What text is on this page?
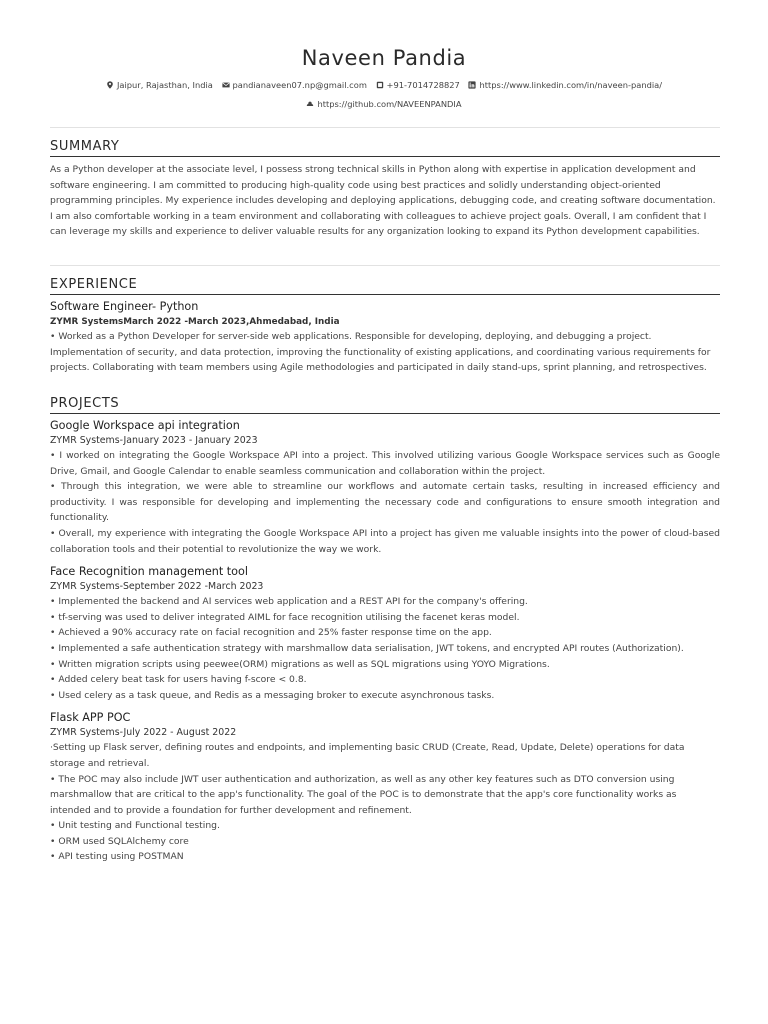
Naveen Pandia
Jaipur, Rajasthan, India pandianaveen07.np@gmail.com +91-7014728827 https://www.linkedin.com/in/naveen-pandia/
https://github.com/NAVEENPANDIA
SUMMARY

As a Python developer at the associate level, I possess strong technical skills in Python along with expertise in application development and software engineering. I am committed to producing high-quality code using best practices and solidly understanding object-oriented programming principles. My experience includes developing and deploying applications, debugging code, and creating software documentation. I am also comfortable working in a team environment and collaborating with colleagues to achieve project goals. Overall, I am confident that I can leverage my skills and experience to deliver valuable results for any organization looking to expand its Python development capabilities.

EXPERIENCE

Software Engineer- Python

ZYMR SystemsMarch 2022 -March 2023,Ahmedabad, India

• Worked as a Python Developer for server-side web applications. Responsible for developing, deploying, and debugging a project. Implementation of security, and data protection, improving the functionality of existing applications, and coordinating various requirements for projects. Collaborating with team members using Agile methodologies and participated in daily stand-ups, sprint planning, and retrospectives.

PROJECTS

Google Workspace api integration

ZYMR Systems-January 2023 - January 2023

• I worked on integrating the Google Workspace API into a project. This involved utilizing various Google Workspace services such as Google Drive, Gmail, and Google Calendar to enable seamless communication and collaboration within the project.
• Through this integration, we were able to streamline our workflows and automate certain tasks, resulting in increased efficiency and productivity. I was responsible for developing and implementing the necessary code and configurations to ensure smooth integration and functionality.
• Overall, my experience with integrating the Google Workspace API into a project has given me valuable insights into the power of cloud-based collaboration tools and their potential to revolutionize the way we work.

Face Recognition management tool

ZYMR Systems-September 2022 -March 2023

• Implemented the backend and AI services web application and a REST API for the company's offering.
• tf-serving was used to deliver integrated AIML for face recognition utilising the facenet keras model.
• Achieved a 90% accuracy rate on facial recognition and 25% faster response time on the app.
• Implemented a safe authentication strategy with marshmallow data serialisation, JWT tokens, and encrypted API routes (Authorization).
• Written migration scripts using peewee(ORM) migrations as well as SQL migrations using YOYO Migrations.
• Added celery beat task for users having f-score < 0.8.
• Used celery as a task queue, and Redis as a messaging broker to execute asynchronous tasks.

Flask APP POC

ZYMR Systems-July 2022 - August 2022

·Setting up Flask server, defining routes and endpoints, and implementing basic CRUD (Create, Read, Update, Delete) operations for data storage and retrieval.
• The POC may also include JWT user authentication and authorization, as well as any other key features such as DTO conversion using marshmallow that are critical to the app's functionality. The goal of the POC is to demonstrate that the app's core functionality works as intended and to provide a foundation for further development and refinement.
• Unit testing and Functional testing.
• ORM used SQLAlchemy core
• API testing using POSTMAN
